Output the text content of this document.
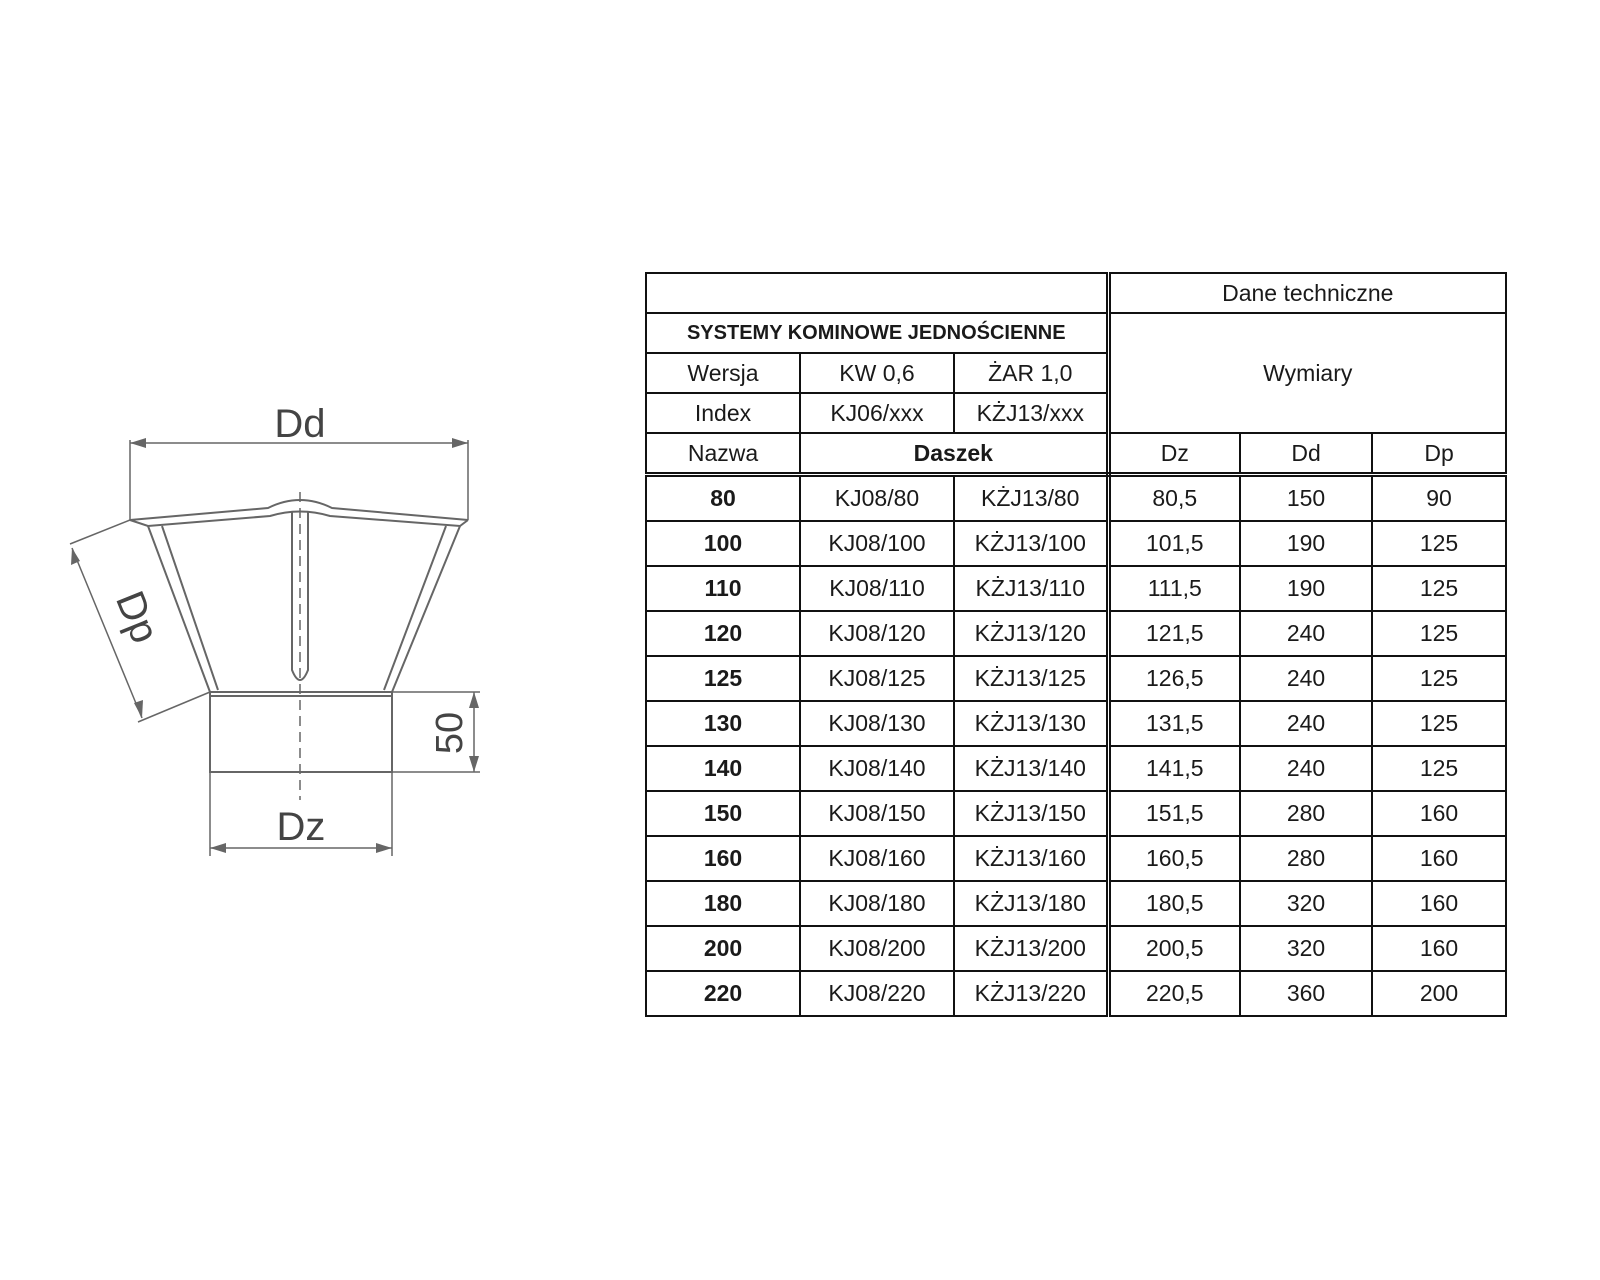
Dd
Dz
Dp
50
			Dane techniczne		
SYSTEMY KOMINOWE JEDNOŚCIENNE			Wymiary		
Wersja	KW 0,6	ŻAR 1,0			
Index	KJ06/xxx	KŻJ13/xxx			
Nazwa	Daszek		Dz	Dd	Dp
80	KJ08/80	KŻJ13/80	80,5	150	90
100	KJ08/100	KŻJ13/100	101,5	190	125
110	KJ08/110	KŻJ13/110	111,5	190	125
120	KJ08/120	KŻJ13/120	121,5	240	125
125	KJ08/125	KŻJ13/125	126,5	240	125
130	KJ08/130	KŻJ13/130	131,5	240	125
140	KJ08/140	KŻJ13/140	141,5	240	125
150	KJ08/150	KŻJ13/150	151,5	280	160
160	KJ08/160	KŻJ13/160	160,5	280	160
180	KJ08/180	KŻJ13/180	180,5	320	160
200	KJ08/200	KŻJ13/200	200,5	320	160
220	KJ08/220	KŻJ13/220	220,5	360	200
